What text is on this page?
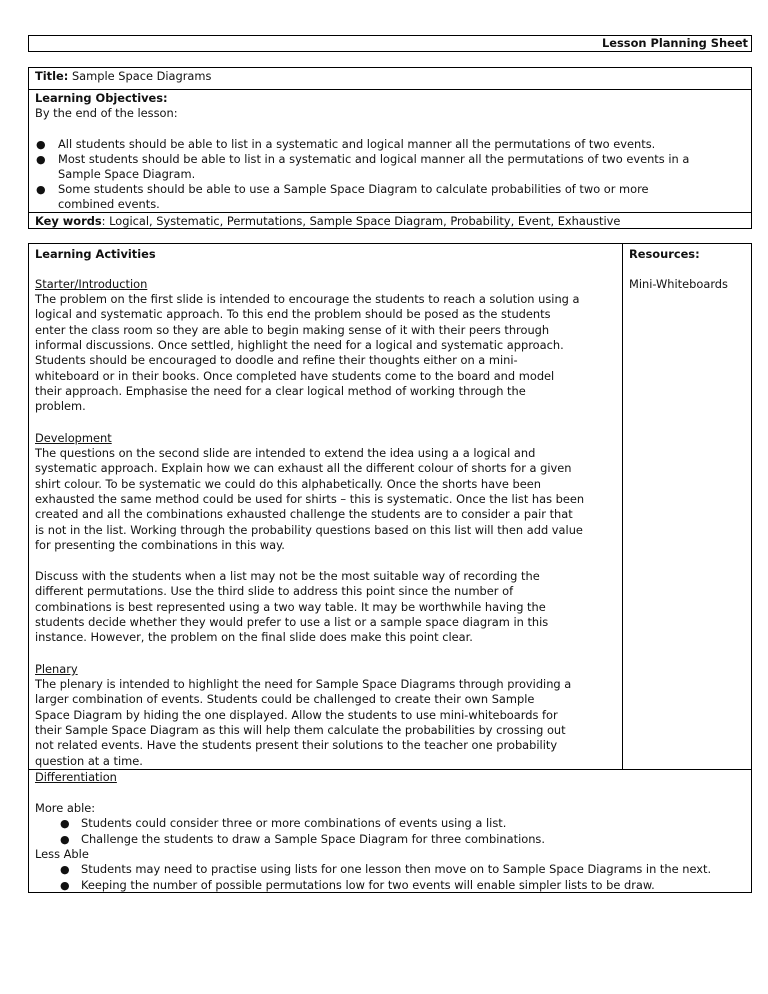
Lesson Planning Sheet
Title: Sample Space Diagrams
Learning Objectives:
By the end of the lesson:
● All students should be able to list in a systematic and logical manner all the permutations of two events.
● Most students should be able to list in a systematic and logical manner all the permutations of two events in a
Sample Space Diagram.
● Some students should be able to use a Sample Space Diagram to calculate probabilities of two or more
combined events.
Key words: Logical, Systematic, Permutations, Sample Space Diagram, Probability, Event, Exhaustive
Learning Activities	Resources:
Mini-Whiteboards
Starter/Introduction
The problem on the first slide is intended to encourage the students to reach a solution using a
logical and systematic approach. To this end the problem should be posed as the students
enter the class room so they are able to begin making sense of it with their peers through
informal discussions. Once settled, highlight the need for a logical and systematic approach.
Students should be encouraged to doodle and refine their thoughts either on a mini-
whiteboard or in their books. Once completed have students come to the board and model
their approach. Emphasise the need for a clear logical method of working through the
problem.
Development
The questions on the second slide are intended to extend the idea using a a logical and
systematic approach. Explain how we can exhaust all the different colour of shorts for a given
shirt colour. To be systematic we could do this alphabetically. Once the shorts have been
exhausted the same method could be used for shirts – this is systematic. Once the list has been
created and all the combinations exhausted challenge the students are to consider a pair that
is not in the list. Working through the probability questions based on this list will then add value
for presenting the combinations in this way.
Discuss with the students when a list may not be the most suitable way of recording the
different permutations. Use the third slide to address this point since the number of
combinations is best represented using a two way table. It may be worthwhile having the
students decide whether they would prefer to use a list or a sample space diagram in this
instance. However, the problem on the final slide does make this point clear.
Plenary
The plenary is intended to highlight the need for Sample Space Diagrams through providing a
larger combination of events. Students could be challenged to create their own Sample
Space Diagram by hiding the one displayed. Allow the students to use mini-whiteboards for
their Sample Space Diagram as this will help them calculate the probabilities by crossing out
not related events. Have the students present their solutions to the teacher one probability
question at a time.
Differentiation
More able:
● Students could consider three or more combinations of events using a list.
● Challenge the students to draw a Sample Space Diagram for three combinations.
Less Able
● Students may need to practise using lists for one lesson then move on to Sample Space Diagrams in the next.
● Keeping the number of possible permutations low for two events will enable simpler lists to be draw.
